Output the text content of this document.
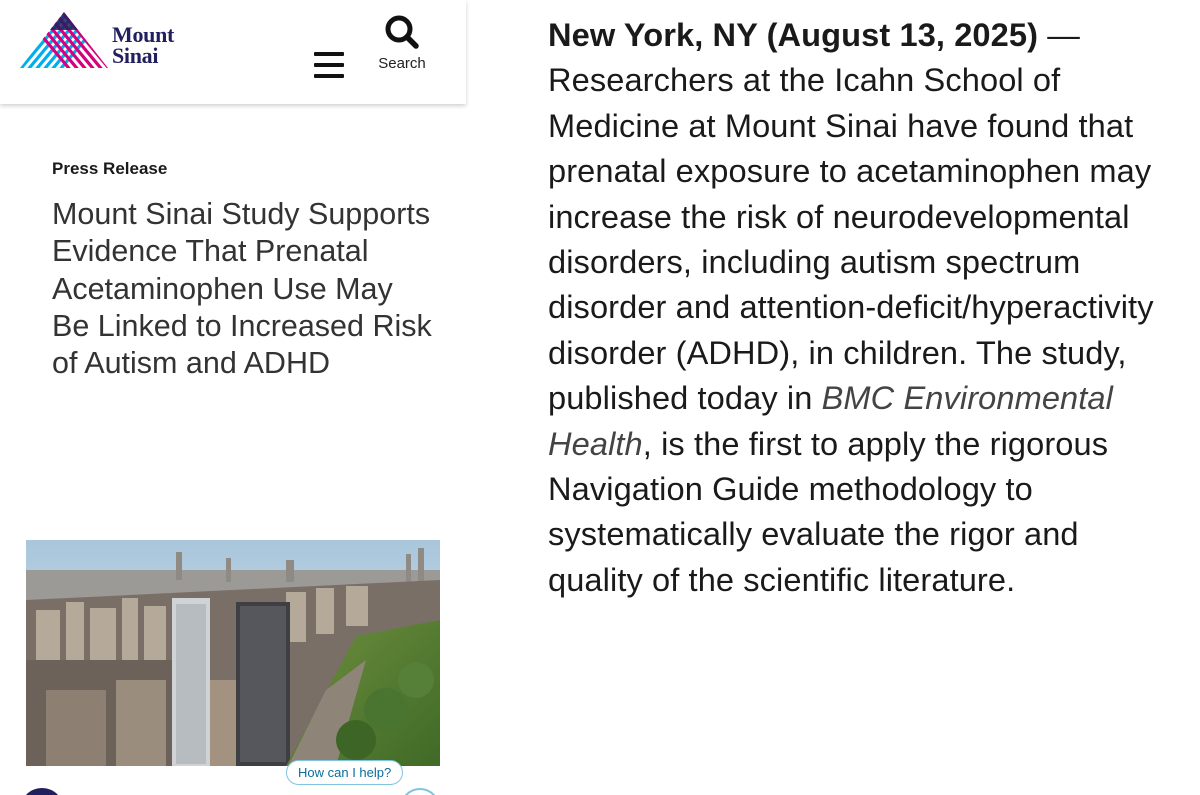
Mount
Sinai	Search
Press Release
Mount Sinai Study Supports Evidence That Prenatal Acetaminophen Use May Be Linked to Increased Risk of Autism and ADHD
How can I help?
New York, NY (August 13, 2025) — Researchers at the Icahn School of Medicine at Mount Sinai have found that prenatal exposure to acetaminophen may increase the risk of neurodevelopmental disorders, including autism spectrum disorder and attention-deficit/hyperactivity disorder (ADHD), in children. The study, published today in BMC Environmental Health, is the first to apply the rigorous Navigation Guide methodology to systematically evaluate the rigor and quality of the scientific literature.
